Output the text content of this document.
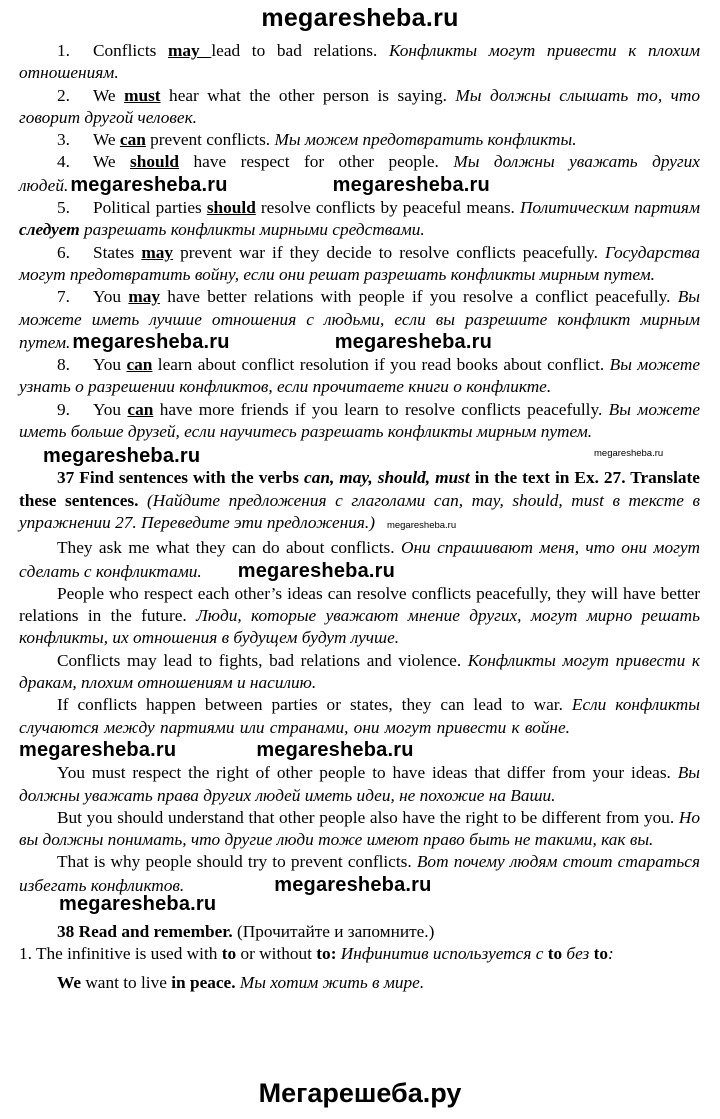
megaresheba.ru

1. Conflicts may lead to bad relations. Конфликты могут привести к плохим отношениям.

2. We must hear what the other person is saying. Мы должны слышать то, что говорит другой человек.

3. We can prevent conflicts. Мы можем предотвратить конфликты.

4. We should have respect for other people. Мы должны уважать других людей. megaresheba.ru	megaresheba.ru

5. Political parties should resolve conflicts by peaceful means. Политическим партиям следует разрешать конфликты мирными средствами.

6. States may prevent war if they decide to resolve conflicts peacefully. Государства могут предотвратить войну, если они решат разрешать конфликты мирным путем.

7. You may have better relations with people if you resolve a conflict peacefully. Вы можете иметь лучшие отношения с людьми, если вы разрешите конфликт мирным путем. megaresheba.ru	megaresheba.ru

8. You can learn about conflict resolution if you read books about conflict. Вы можете узнать о разрешении конфликтов, если прочитаете книги о конфликте.

9. You can have more friends if you learn to resolve conflicts peacefully. Вы можете иметь больше друзей, если научитесь разрешать конфликты мирным путем.

megaresheba.ru	megaresheba.ru

37 Find sentences with the verbs can, may, should, must in the text in Ex. 27. Translate these sentences. (Найдите предложения с глаголами can, may, should, must в тексте в упражнении 27. Переведите эти предложения.) megaresheba.ru

They ask me what they can do about conflicts. Они спрашивают меня, что они могут сделать с конфликтами. megaresheba.ru

People who respect each other’s ideas can resolve conflicts peacefully, they will have better relations in the future. Люди, которые уважают мнение других, могут мирно решать конфликты, их отношения в будущем будут лучше.

Conflicts may lead to fights, bad relations and violence. Конфликты могут привести к дракам, плохим отношениям и насилию.

If conflicts happen between parties or states, they can lead to war. Если конфликты случаются между партиями или странами, они могут привести к войне.megaresheba.ru	megaresheba.ru

You must respect the right of other people to have ideas that differ from your ideas. Вы должны уважать права других людей иметь идеи, не похожие на Ваши.

But you should understand that other people also have the right to be different from you. Но вы должны понимать, что другие люди тоже имеют право быть не такими, как вы.

That is why people should try to prevent conflicts. Вот почему людям стоит стараться избегать конфликтов.	megaresheba.ru

megaresheba.ru

38 Read and remember. (Прочитайте и запомните.)

1. The infinitive is used with to or without to: Инфинитив используется с to без to:

We want to live in peace. Мы хотим жить в мире.

Мегарешеба.ру
